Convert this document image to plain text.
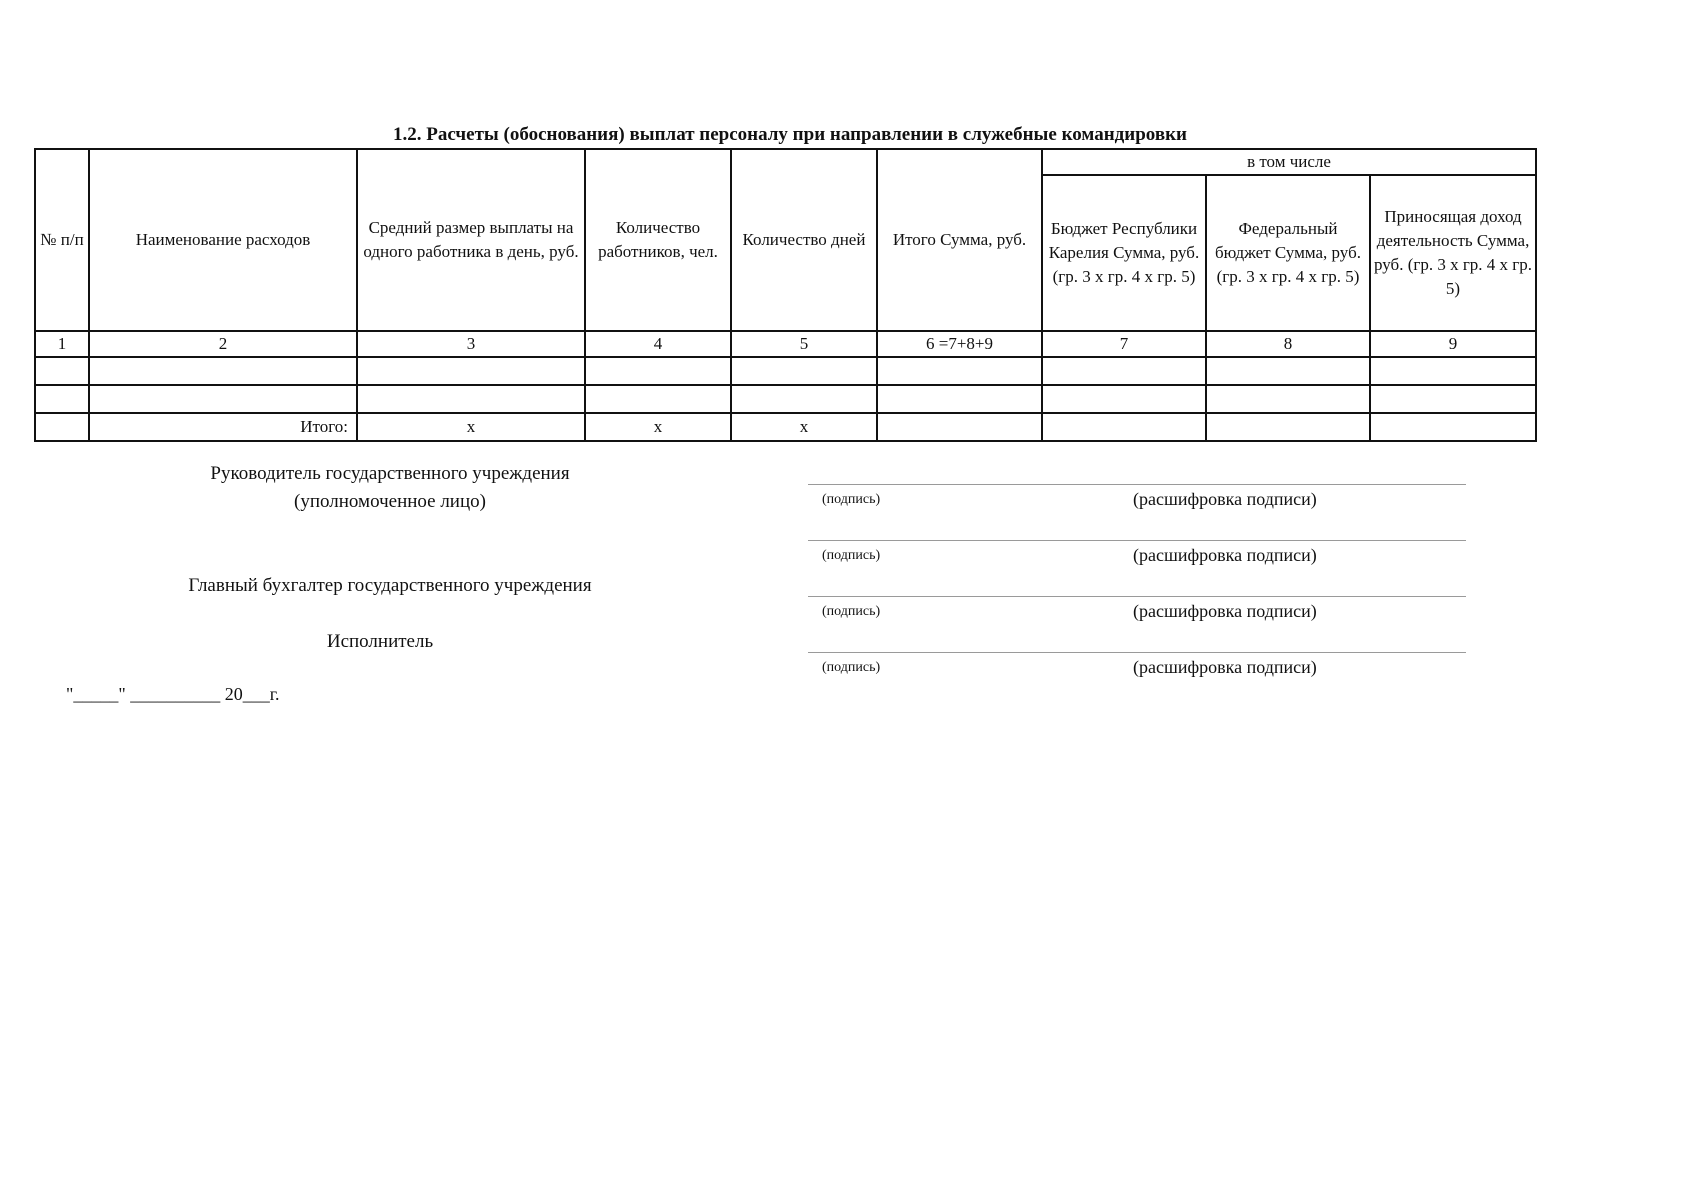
1.2. Расчеты (обоснования) выплат персоналу при направлении в служебные командировки
№ п/п	Наименование расходов	Средний размер выплаты на одного работника в день, руб.	Количество работников, чел.	Количество дней	Итого Сумма, руб.	в том числе		
						Бюджет Республики Карелия Сумма, руб. (гр. 3 х гр. 4 х гр. 5)	Федеральный бюджет Сумма, руб. (гр. 3 х гр. 4 х гр. 5)	Приносящая доход деятельность Сумма, руб. (гр. 3 х гр. 4 х гр. 5)
1	2	3	4	5	6 =7+8+9	7	8	9

	Итого:	х	х	х				
Руководитель государственного учреждения
(уполномоченное лицо)
Главный бухгалтер государственного учреждения
Исполнитель
(подпись)	(расшифровка подписи)
(подпись)	(расшифровка подписи)
(подпись)	(расшифровка подписи)
(подпись)	(расшифровка подписи)
"_____" __________ 20___г.
